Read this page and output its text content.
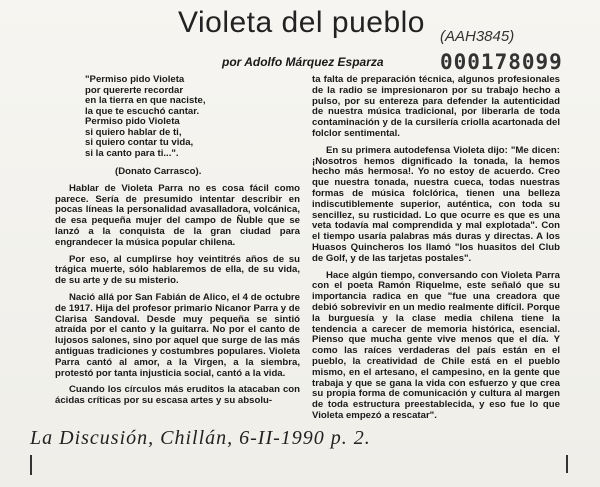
Violeta del pueblo (AAH3845)
000178099
por Adolfo Márquez Esparza
"Permiso pido Violeta
por quererte recordar
en la tierra en que naciste,
la que te escuchó cantar.
Permiso pido Violeta
si quiero hablar de ti,
si quiero contar tu vida,
si la canto para ti...".
(Donato Carrasco).

Hablar de Violeta Parra no es cosa fácil como parece. Sería de presumido intentar describir en pocas líneas la personalidad avasalladora, volcánica, de esa pequeña mujer del campo de Ñuble que se lanzó a la conquista de la gran ciudad para engrandecer la música popular chilena.

Por eso, al cumplirse hoy veintitrés años de su trágica muerte, sólo hablaremos de ella, de su vida, de su arte y de su misterio.

Nació allá por San Fabián de Alico, el 4 de octubre de 1917. Hija del profesor primario Nicanor Parra y de Clarisa Sandoval. Desde muy pequeña se sintió atraída por el canto y la guitarra. No por el canto de lujosos salones, sino por aquel que surge de las más antiguas tradiciones y costumbres populares. Violeta Parra cantó al amor, a la Virgen, a la siembra, protestó por tanta injusticia social, cantó a la vida.

Cuando los círculos más eruditos la atacaban con ácidas críticas por su escasa artes y su absolu-

ta falta de preparación técnica, algunos profesionales de la radio se impresionaron por su trabajo hecho a pulso, por su entereza para defender la autenticidad de nuestra música tradicional, por liberarla de toda contaminación y de la cursilería criolla acartonada del folclor sentimental.

En su primera autodefensa Violeta dijo: "Me dicen: ¡Nosotros hemos dignificado la tonada, la hemos hecho más hermosa!. Yo no estoy de acuerdo. Creo que nuestra tonada, nuestra cueca, todas nuestras formas de música folclórica, tienen una belleza indiscutiblemente superior, auténtica, con toda su sencillez, su rusticidad. Lo que ocurre es que es una veta todavía mal comprendida y mal explotada". Con el tiempo usaría palabras más duras y directas. A los Huasos Quincheros los llamó "los huasitos del Club de Golf, y de las tarjetas postales".

Hace algún tiempo, conversando con Violeta Parra con el poeta Ramón Riquelme, este señaló que su importancia radica en que "fue una creadora que debió sobrevivir en un medio realmente difícil. Porque la burguesía y la clase media chilena tiene la tendencia a carecer de memoria histórica, esencial. Pienso que mucha gente vive menos que el día. Y como las raíces verdaderas del país están en el pueblo, la creatividad de Chile está en el pueblo mismo, en el artesano, el campesino, en la gente que trabaja y que se gana la vida con esfuerzo y que crea su propia forma de comunicación y cultura al margen de toda estructura preestablecida, y eso fue lo que Violeta empezó a rescatar".

La Discusión, Chillán, 6-II-1990 p. 2.
